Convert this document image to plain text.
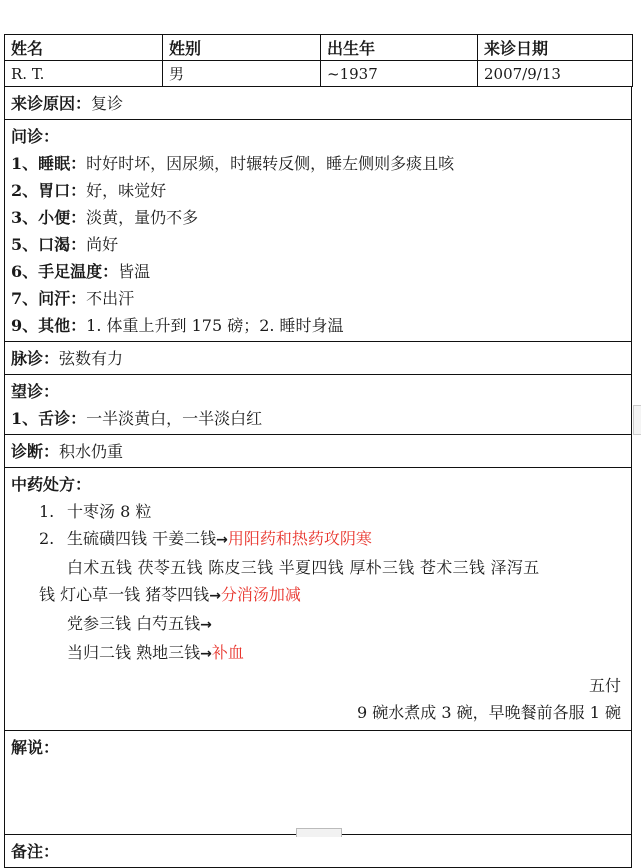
姓名	姓别	出生年	来诊日期
R. T.	男	~1937	2007/9/13
来诊原因：复诊
问诊：
1、睡眠：时好时坏，因尿频，时辗转反侧，睡左侧则多痰且咳
2、胃口：好，味觉好
3、小便：淡黄，量仍不多
5、口渴：尚好
6、手足温度：皆温
7、问汗：不出汗
9、其他：1. 体重上升到 175 磅；2. 睡时身温
脉诊：弦数有力
望诊：
1、舌诊：一半淡黄白，一半淡白红
诊断：积水仍重
中药处方：
1. 十枣汤 8 粒
2. 生硫磺四钱 干姜二钱→用阳药和热药攻阴寒
白术五钱 茯苓五钱 陈皮三钱 半夏四钱 厚朴三钱 苍术三钱 泽泻五
钱 灯心草一钱 猪苓四钱→分消汤加减
党参三钱 白芍五钱→
当归二钱 熟地三钱→补血
五付
9 碗水煮成 3 碗，早晚餐前各服 1 碗
解说：
备注：
